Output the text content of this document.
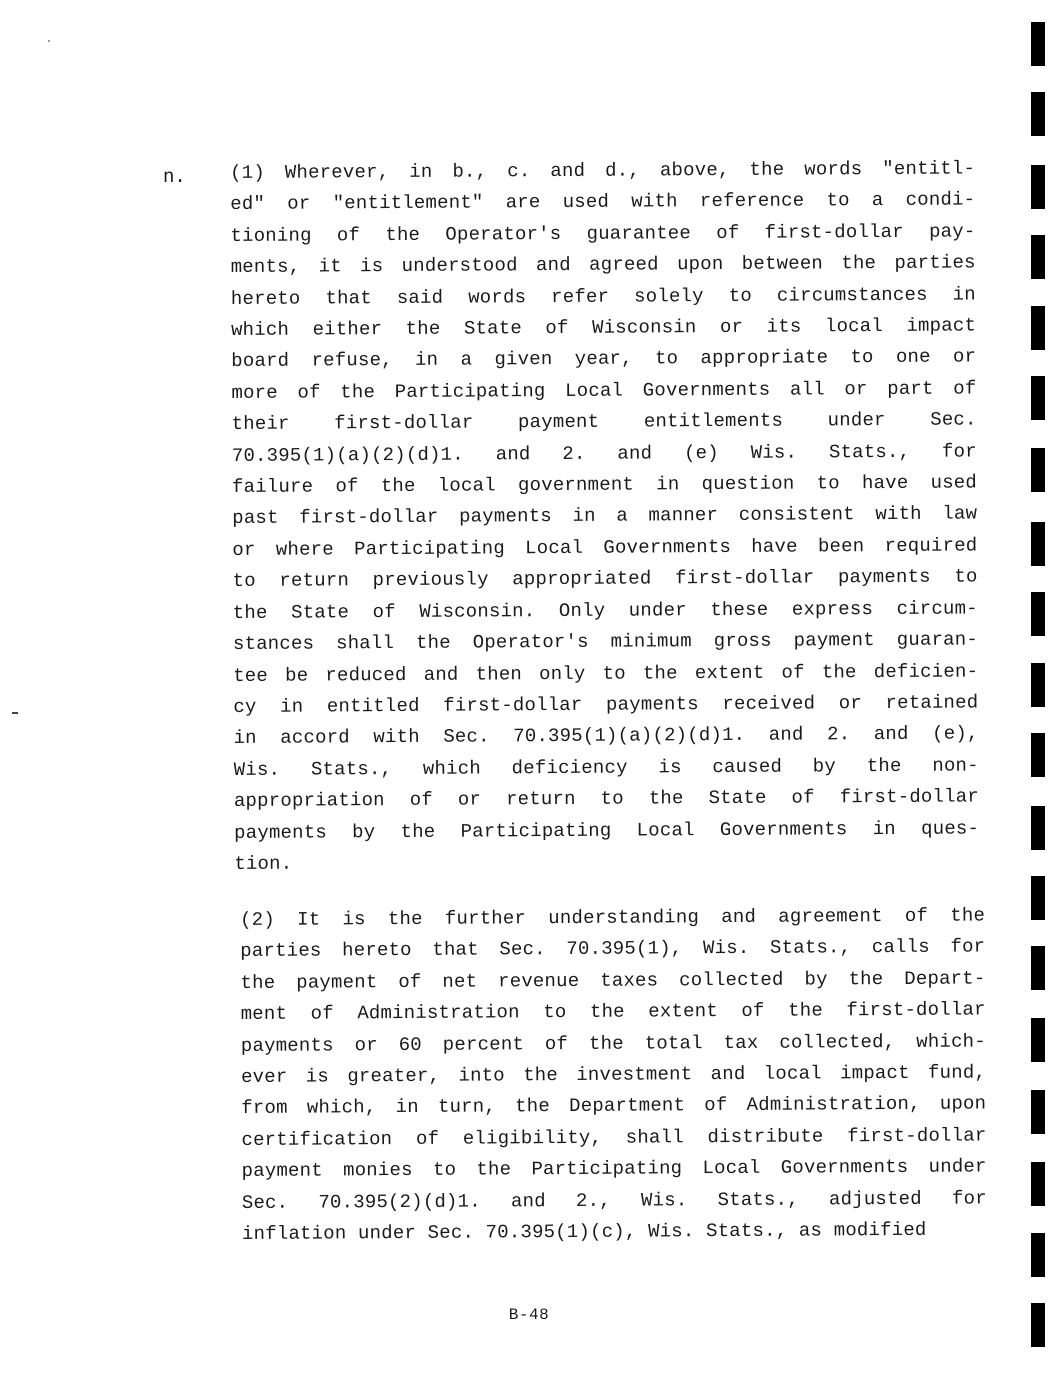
n. (1) Wherever, in b., c. and d., above, the words "entitl-
ed" or "entitlement" are used with reference to a condi-
tioning of the Operator's guarantee of first-dollar pay-
ments, it is understood and agreed upon between the parties
hereto that said words refer solely to circumstances in
which either the State of Wisconsin or its local impact
board refuse, in a given year, to appropriate to one or
more of the Participating Local Governments all or part of
their first-dollar payment entitlements under Sec.
70.395(1)(a)(2)(d)1. and 2. and (e) Wis. Stats., for
failure of the local government in question to have used
past first-dollar payments in a manner consistent with law
or where Participating Local Governments have been required
to return previously appropriated first-dollar payments to
the State of Wisconsin. Only under these express circum-
stances shall the Operator's minimum gross payment guaran-
tee be reduced and then only to the extent of the deficien-
cy in entitled first-dollar payments received or retained
in accord with Sec. 70.395(1)(a)(2)(d)1. and 2. and (e),
Wis. Stats., which deficiency is caused by the non-
appropriation of or return to the State of first-dollar
payments by the Participating Local Governments in ques-
tion.
(2) It is the further understanding and agreement of the
parties hereto that Sec. 70.395(1), Wis. Stats., calls for
the payment of net revenue taxes collected by the Depart-
ment of Administration to the extent of the first-dollar
payments or 60 percent of the total tax collected, which-
ever is greater, into the investment and local impact fund,
from which, in turn, the Department of Administration, upon
certification of eligibility, shall distribute first-dollar
payment monies to the Participating Local Governments under
Sec. 70.395(2)(d)1. and 2., Wis. Stats., adjusted for
inflation under Sec. 70.395(1)(c), Wis. Stats., as modified
B-48
